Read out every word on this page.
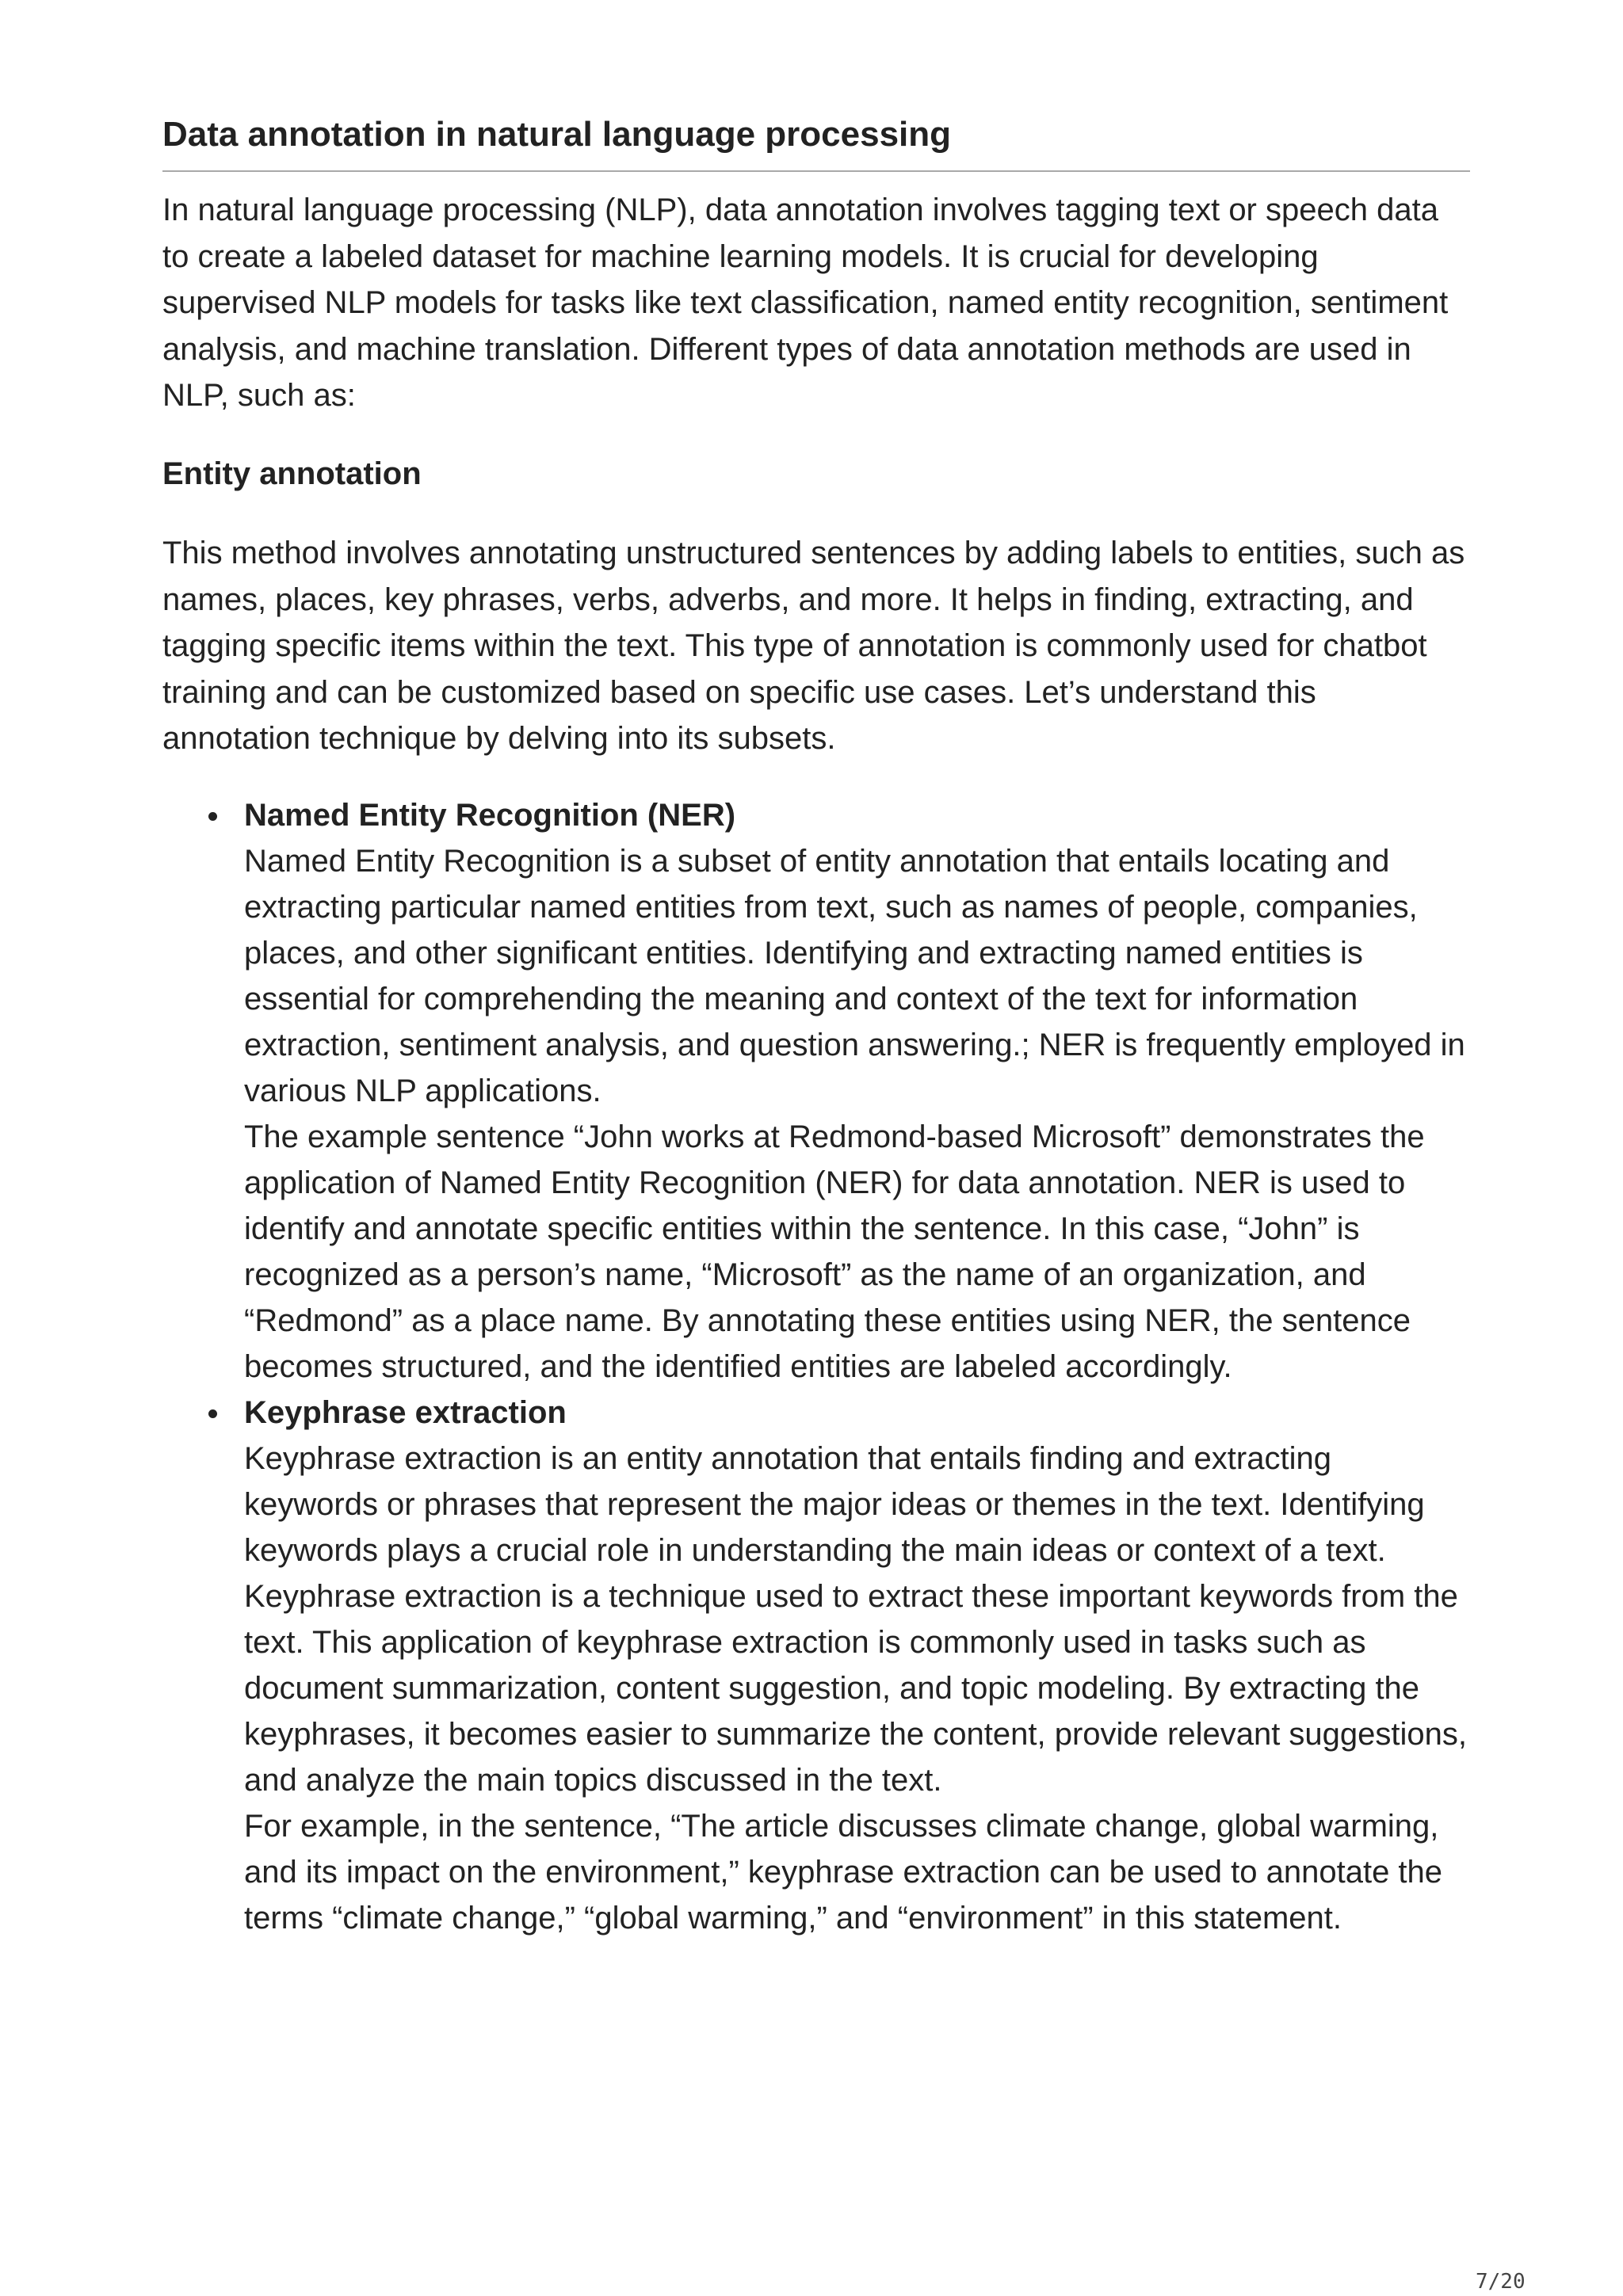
Data annotation in natural language processing

In natural language processing (NLP), data annotation involves tagging text or speech data to create a labeled dataset for machine learning models. It is crucial for developing supervised NLP models for tasks like text classification, named entity recognition, sentiment analysis, and machine translation. Different types of data annotation methods are used in NLP, such as:

Entity annotation

This method involves annotating unstructured sentences by adding labels to entities, such as names, places, key phrases, verbs, adverbs, and more. It helps in finding, extracting, and tagging specific items within the text. This type of annotation is commonly used for chatbot training and can be customized based on specific use cases. Let’s understand this annotation technique by delving into its subsets.

Named Entity Recognition (NER)
Named Entity Recognition is a subset of entity annotation that entails locating and extracting particular named entities from text, such as names of people, companies, places, and other significant entities. Identifying and extracting named entities is essential for comprehending the meaning and context of the text for information extraction, sentiment analysis, and question answering.; NER is frequently employed in various NLP applications.
The example sentence “John works at Redmond-based Microsoft” demonstrates the application of Named Entity Recognition (NER) for data annotation. NER is used to identify and annotate specific entities within the sentence. In this case, “John” is recognized as a person’s name, “Microsoft” as the name of an organization, and “Redmond” as a place name. By annotating these entities using NER, the sentence becomes structured, and the identified entities are labeled accordingly.
Keyphrase extraction
Keyphrase extraction is an entity annotation that entails finding and extracting keywords or phrases that represent the major ideas or themes in the text. Identifying keywords plays a crucial role in understanding the main ideas or context of a text. Keyphrase extraction is a technique used to extract these important keywords from the text. This application of keyphrase extraction is commonly used in tasks such as document summarization, content suggestion, and topic modeling. By extracting the keyphrases, it becomes easier to summarize the content, provide relevant suggestions, and analyze the main topics discussed in the text.
For example, in the sentence, “The article discusses climate change, global warming, and its impact on the environment,” keyphrase extraction can be used to annotate the terms “climate change,” “global warming,” and “environment” in this statement.
7/20
